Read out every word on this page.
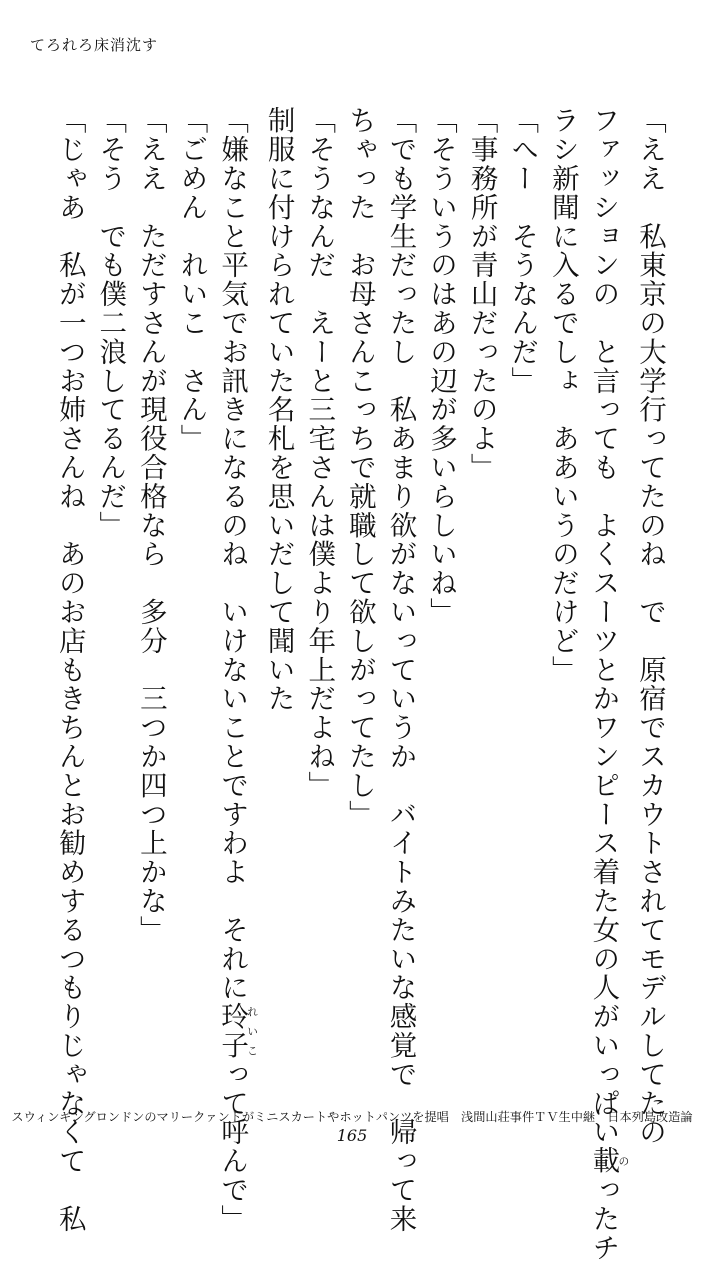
てろれろ床消沈す
「ええ　私東京の大学行ってたのね　で　原宿でスカウトされてモデルしてたの
ファッションの　と言っても　よくスーツとかワンピース着た女の人がいっぱい載のったチ
ラシ新聞に入るでしょ　ああいうのだけど」
「へー　そうなんだ」
「事務所が青山だったのよ」
「そういうのはあの辺が多いらしいね」
「でも学生だったし　私あまり欲がないっていうか　バイトみたいな感覚で　帰って来
ちゃった　お母さんこっちで就職して欲しがってたし」
「そうなんだ　えーと三宅さんは僕より年上だよね」
制服に付けられていた名札を思いだして聞いた
「嫌なこと平気でお訊きになるのね　いけないことですわよ　それに玲子れいこって呼んで」
「ごめん　れいこ　さん」
「ええ　ただすさんが現役合格なら　多分　三つか四つ上かな」
「そう　でも僕二浪してるんだ」
「じゃあ　私が一つお姉さんね　あのお店もきちんとお勧めするつもりじゃなくて　私
スウィンギングロンドンのマリークァントがミニスカートやホットパンツを提唱　浅間山荘事件ＴＶ生中継　日本列島改造論
165
